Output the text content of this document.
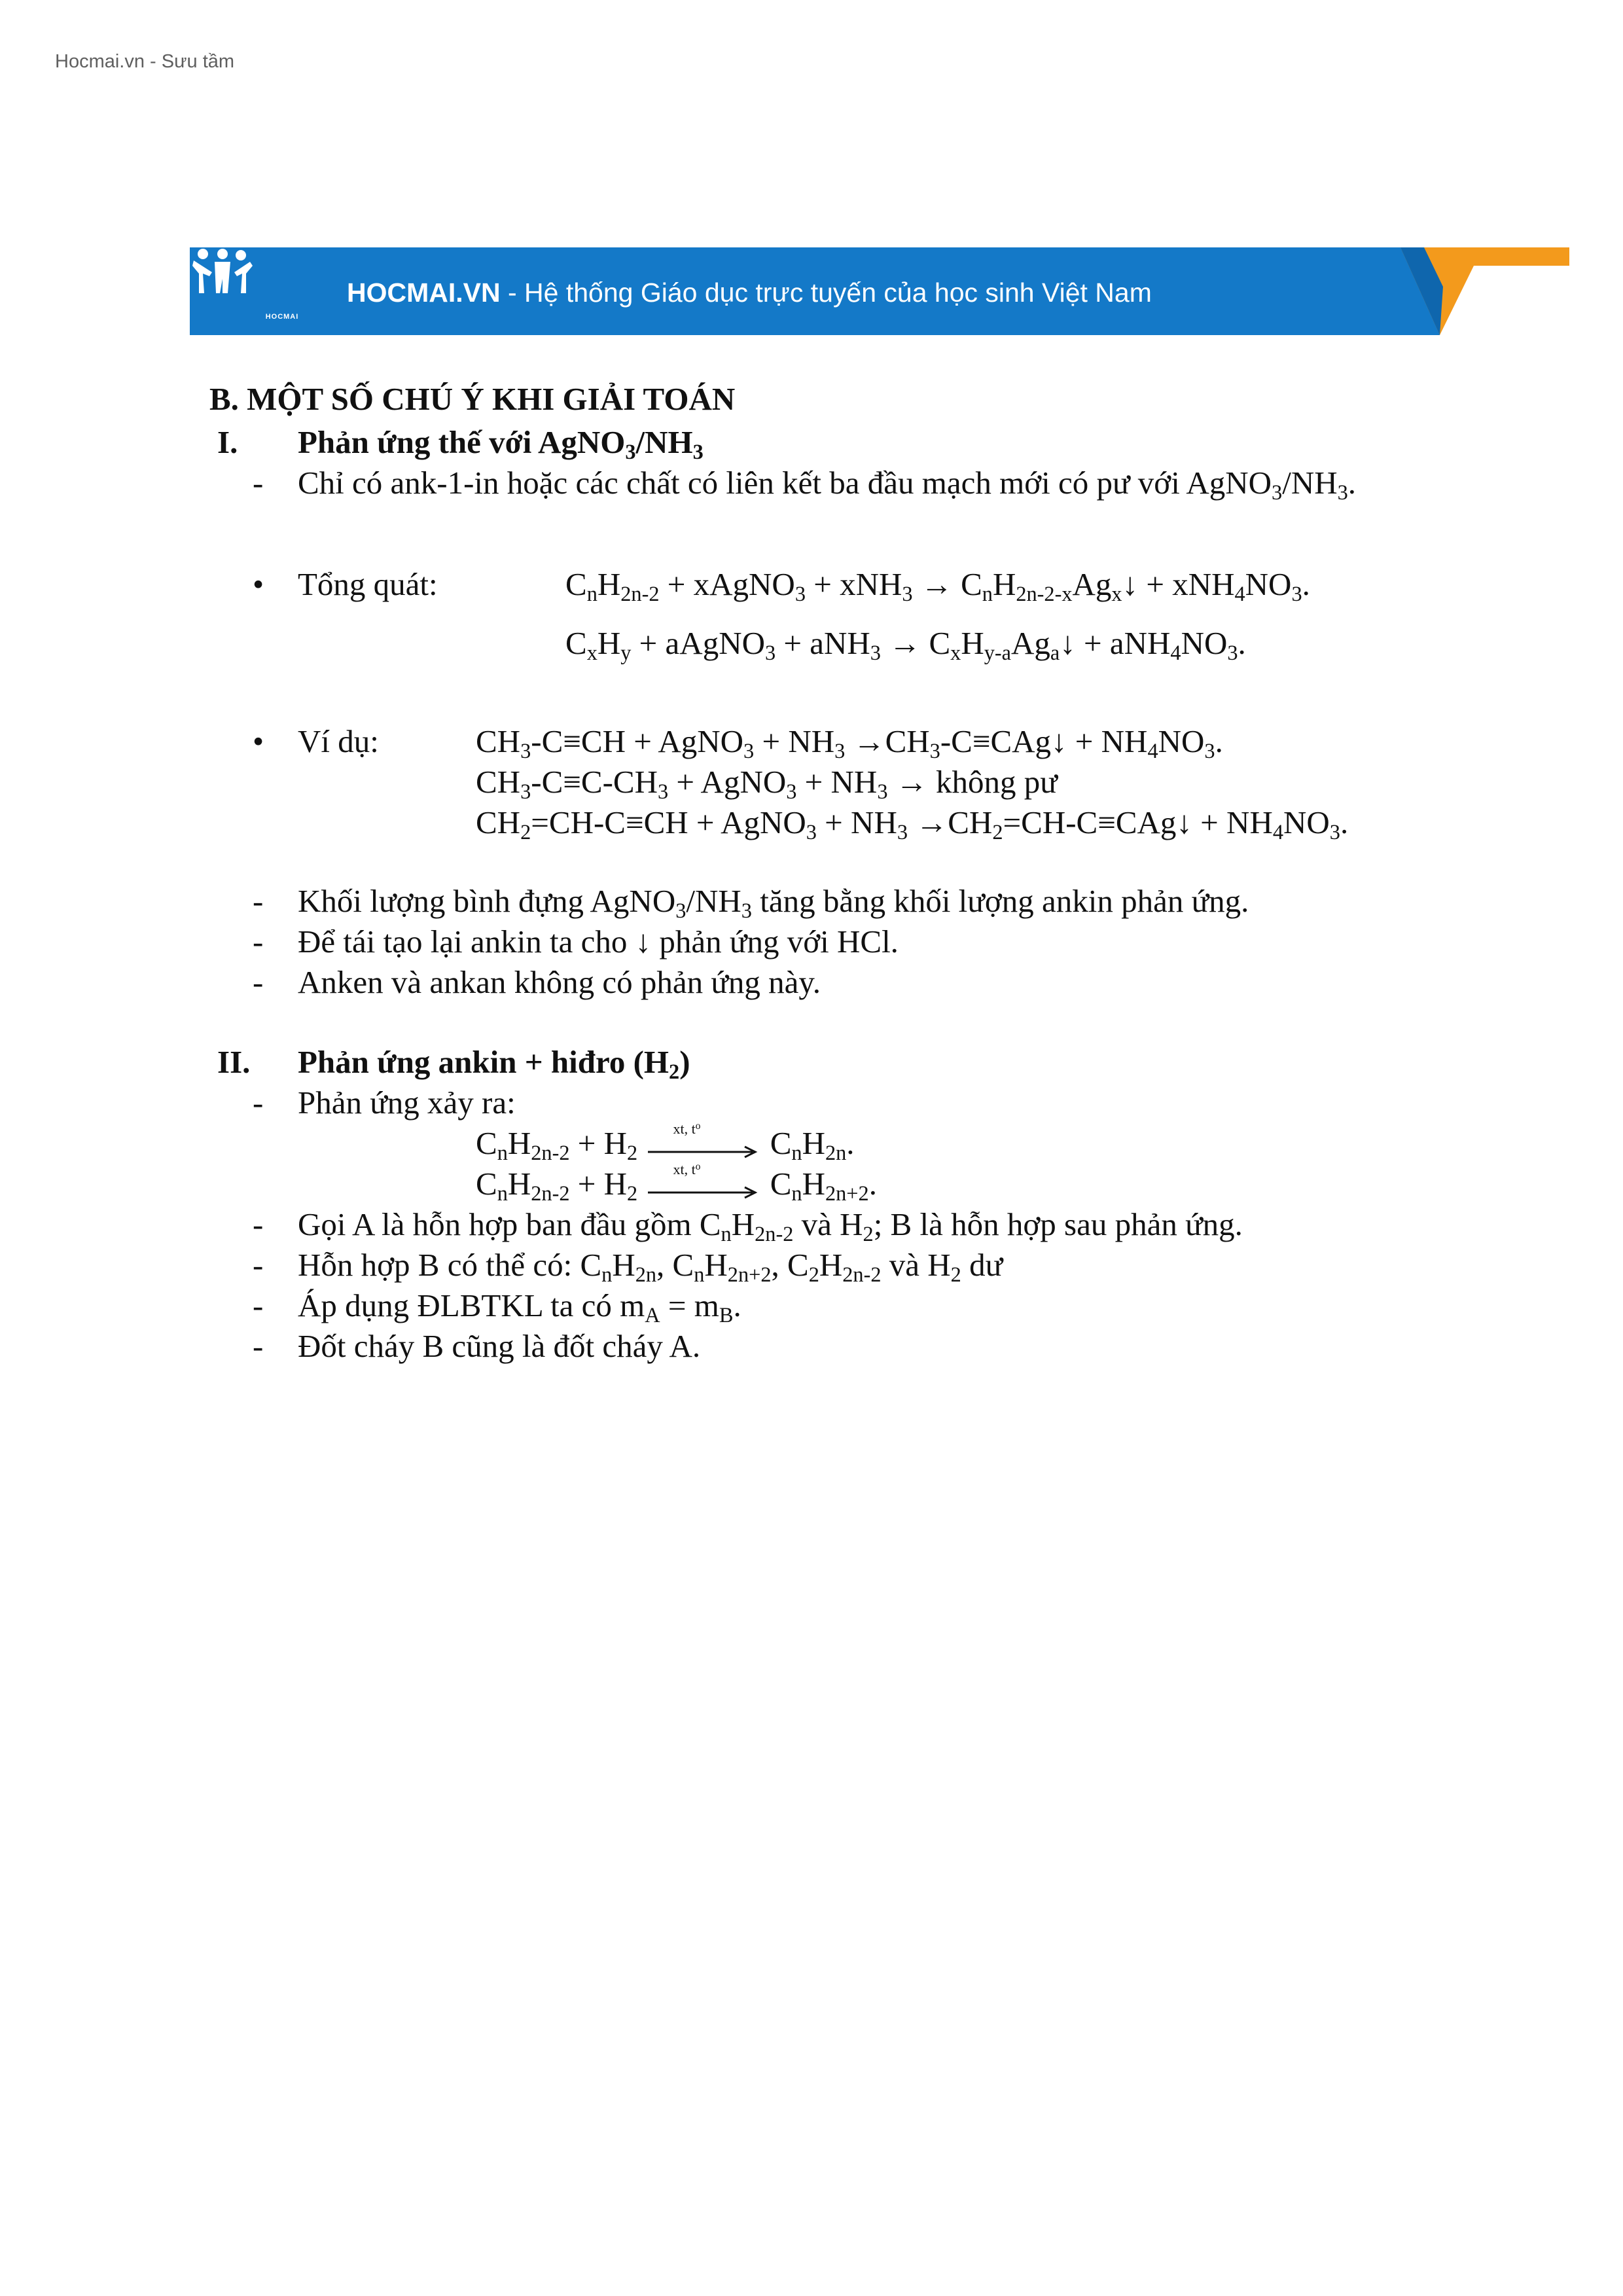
Hocmai.vn - Sưu tầm
HOCMAI
HOCMAI.VN - Hệ thống Giáo dục trực tuyến của học sinh Việt Nam
B. MỘT SỐ CHÚ Ý KHI GIẢI TOÁN
I. Phản ứng thế với $AgNO_3/NH_3$
- Chỉ có ank-1-in hoặc các chất có liên kết ba đầu mạch mới có pư với $AgNO_3/NH_3$.
• Tổng quát:	$C_nH_{2n-2}$ + xAgNO$_3$ + $xNH_3 \to C_nH_{2n-2-x}Ag_x↓ + xNH_4NO_3$.
$C_xH_y$ + aAgNO$_3$ + $aNH_3 \to C_xH_{y-a}Ag_a↓ + aNH_4NO_3$.
• Ví dụ:	$CH_3-C\equiv CH$ + AgNO$_3$ + $NH_3$ $\to CH_3-C\equiv CAg↓ + NH_4NO_3$.
$CH_3-C\equiv C-CH_3$ + AgNO$_3$ + $NH_3$ → không pư
$CH_2=CH-C\equiv CH$ + AgNO$_3$ + $NH_3$ $\to CH_2=CH-C\equiv CAg↓ + NH_4NO_3$.
- Khối lượng bình đựng $AgNO_3/NH_3$ tăng bằng khối lượng ankin phản ứng.
- Để tái tạo lại ankin ta cho ↓ phản ứng với HCl.
- Anken và ankan không có phản ứng này.
II. Phản ứng ankin + hiđro $(H_2)$
- Phản ứng xảy ra:
$C_nH_{2n-2} + H_2$
xt, $t^o$ $C_nH_{2n}$.
$C_nH_{2n-2} + H_2$
xt, $t^o$ $C_nH_{2n+2}$.
- Gọi A là hỗn hợp ban đầu gồm $C_nH_{2n-2}$ và $H_2$; B là hỗn hợp sau phản ứng.
- Hỗn hợp B có thể có: $C_nH_{2n}$, $C_nH_{2n+2}$, $C_2H_{2n-2}$ và $H_2$ dư
- Áp dụng ĐLBTKL ta có $m_A = m_B$.
- Đốt cháy B cũng là đốt cháy A.
